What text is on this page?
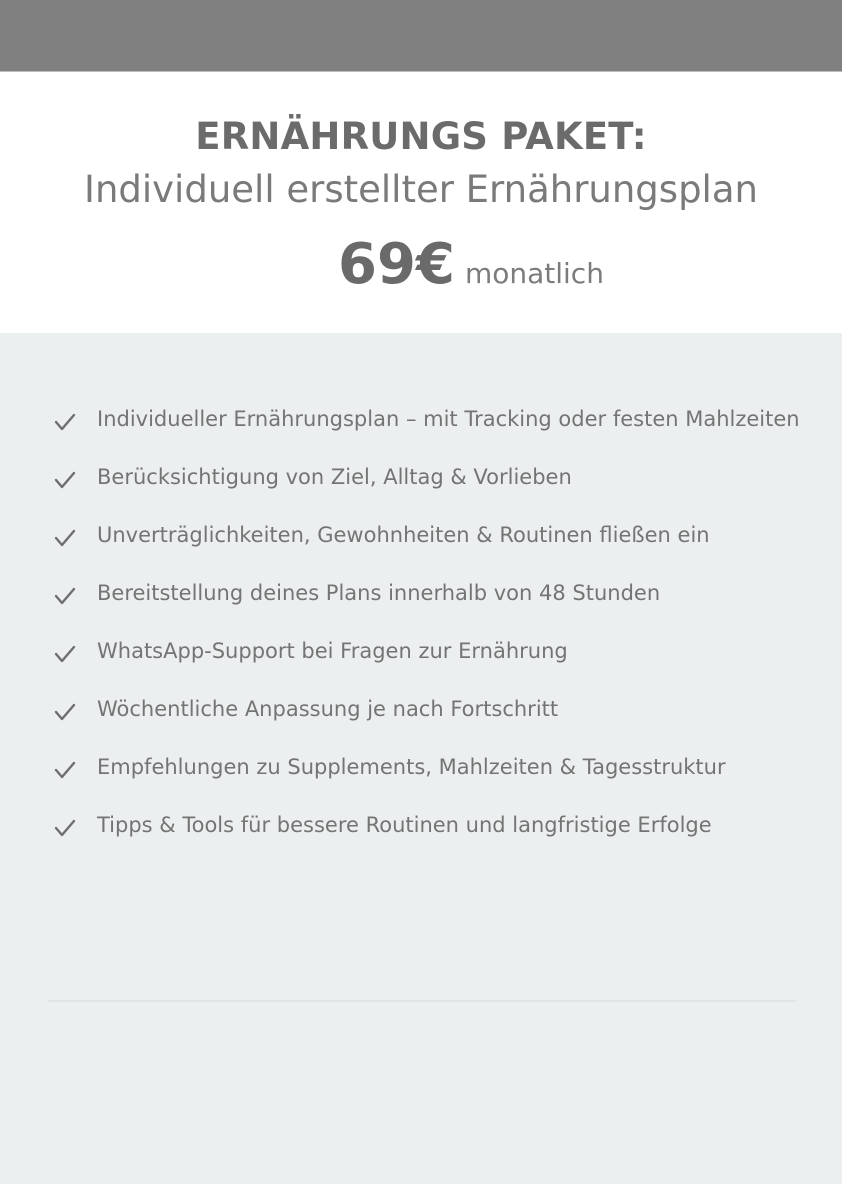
ERNÄHRUNGS PAKET:
Individuell erstellter Ernährungsplan
69€ monatlich
Individueller Ernährungsplan – mit Tracking oder festen Mahlzeiten
Berücksichtigung von Ziel, Alltag & Vorlieben
Unverträglichkeiten, Gewohnheiten & Routinen fließen ein
Bereitstellung deines Plans innerhalb von 48 Stunden
WhatsApp-Support bei Fragen zur Ernährung
Wöchentliche Anpassung je nach Fortschritt
Empfehlungen zu Supplements, Mahlzeiten & Tagesstruktur
Tipps & Tools für bessere Routinen und langfristige Erfolge
